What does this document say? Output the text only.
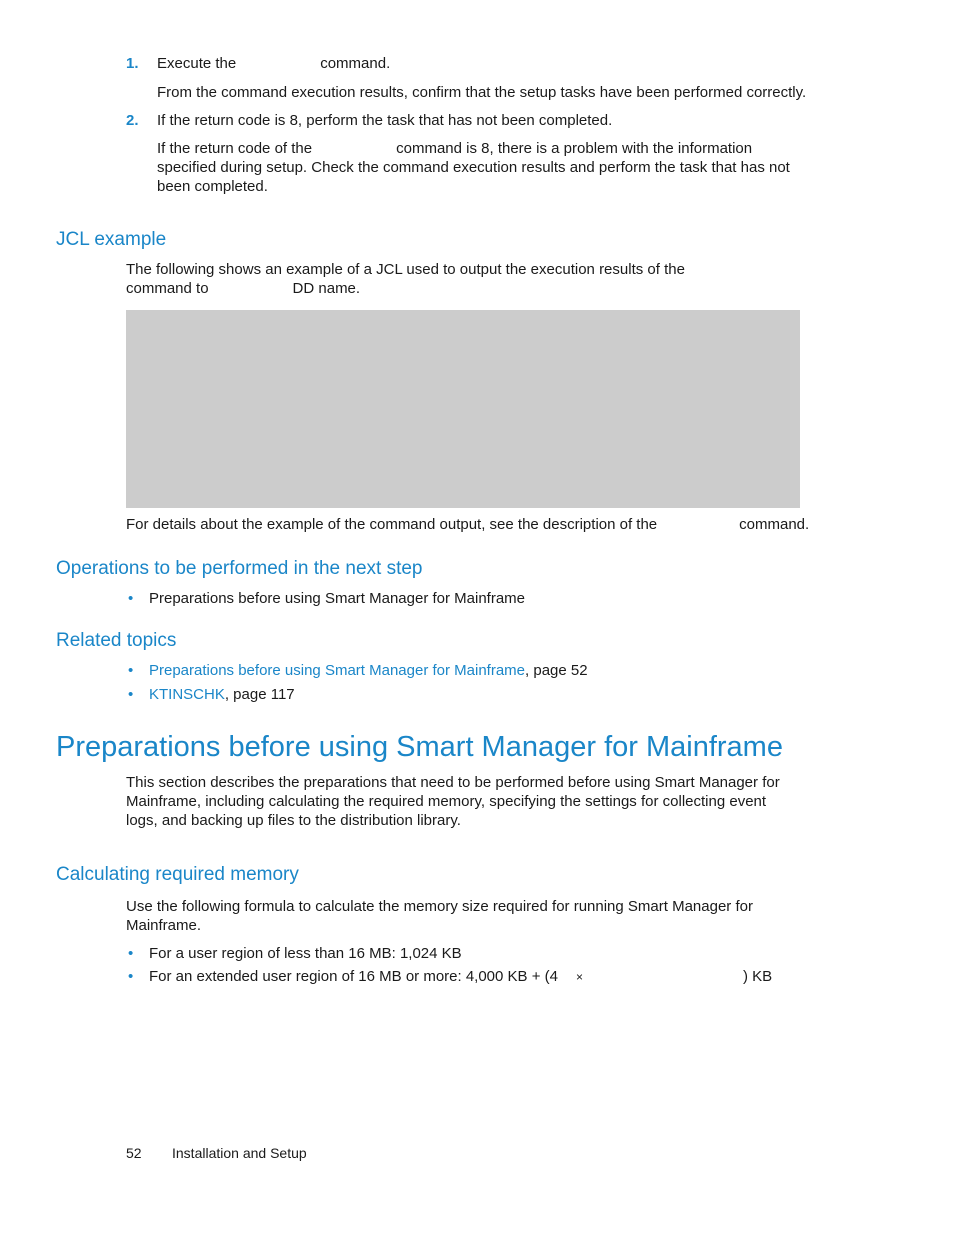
1. Execute the	command.
From the command execution results, confirm that the setup tasks have been performed correctly.
2. If the return code is 8, perform the task that has not been completed.
If the return code of the	command is 8, there is a problem with the information
specified during setup. Check the command execution results and perform the task that has not
been completed.
JCL example
The following shows an example of a JCL used to output the execution results of the
command to	DD name.
For details about the example of the command output, see the description of the	command.
Operations to be performed in the next step
• Preparations before using Smart Manager for Mainframe
Related topics
• Preparations before using Smart Manager for Mainframe, page 52
• KTINSCHK, page 117
Preparations before using Smart Manager for Mainframe
This section describes the preparations that need to be performed before using Smart Manager for
Mainframe, including calculating the required memory, specifying the settings for collecting event
logs, and backing up files to the distribution library.
Calculating required memory
Use the following formula to calculate the memory size required for running Smart Manager for
Mainframe.
• For a user region of less than 16 MB: 1,024 KB
• For an extended user region of 16 MB or more: 4,000 KB + (4 ×	) KB
52 Installation and Setup
